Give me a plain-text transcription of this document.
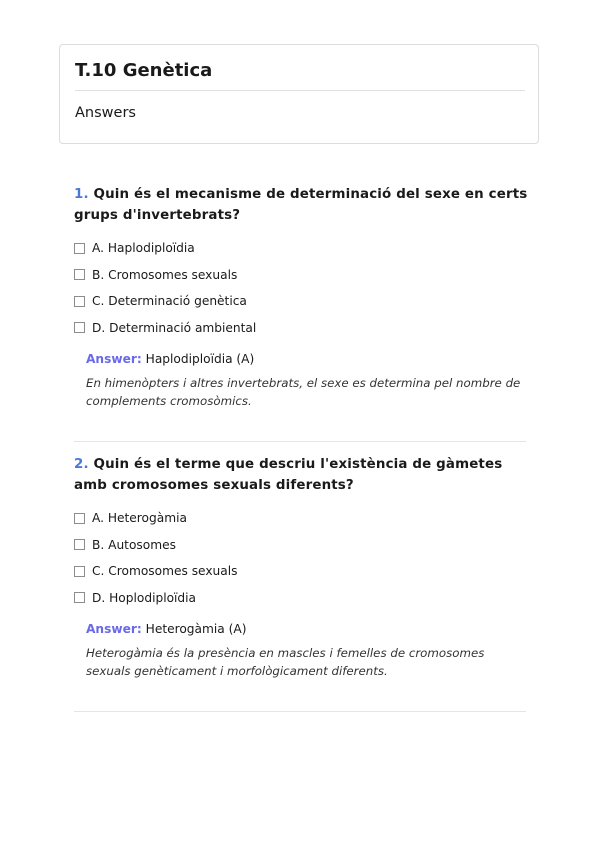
T.10 Genètica
Answers
1. Quin és el mecanisme de determinació del sexe en certs grups d'invertebrats?
A. Haplodiploïdia
B. Cromosomes sexuals
C. Determinació genètica
D. Determinació ambiental
Answer: Haplodiploïdia (A)
En himenòpters i altres invertebrats, el sexe es determina pel nombre de complements cromosòmics.
2. Quin és el terme que descriu l'existència de gàmetes amb cromosomes sexuals diferents?
A. Heterogàmia
B. Autosomes
C. Cromosomes sexuals
D. Hoplodiploïdia
Answer: Heterogàmia (A)
Heterogàmia és la presència en mascles i femelles de cromosomes sexuals genèticament i morfològicament diferents.
